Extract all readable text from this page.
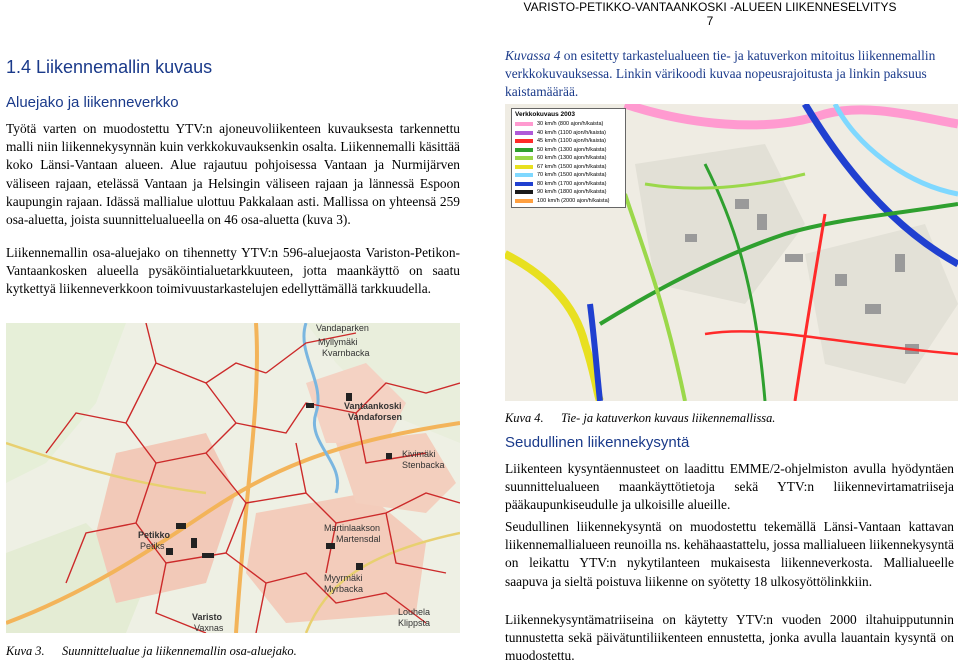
VARISTO-PETIKKO-VANTAANKOSKI -ALUEEN LIIKENNESELVITYS
7
1.4 Liikennemallin kuvaus
Aluejako ja liikenneverkko
Työtä varten on muodostettu YTV:n ajoneuvoliikenteen kuvauksesta tarkennettu malli niin liikennekysynnän kuin verkkokuvauksenkin osalta. Liikennemalli käsittää koko Länsi-Vantaan alueen. Alue rajautuu pohjoisessa Vantaan ja Nurmijärven väliseen rajaan, etelässä Vantaan ja Helsingin väliseen rajaan ja lännessä Espoon kaupungin rajaan. Idässä mallialue ulottuu Pakkalaan asti. Mallissa on yhteensä 259 osa-aluetta, joista suunnittelualueella on 46 osa-aluetta (kuva 3).
Liikennemallin osa-aluejako on tihennetty YTV:n 596-aluejaosta Variston-Petikon-Vantaankosken alueella pysäköintialuetarkkuuteen, jotta maankäyttö on saatu kytkettyä liikenneverkkoon toimivuustarkastelujen edellyttämällä tarkkuudella.
Vandaparken
Myllymäki
Kvarnbacka
Vantaankoski
Vandaforsen
Kivimäki
Stenbacka
Petikko
Petiks
Martinlaakson
Martensdal
Myyrmäki
Myrbacka
Louhela
Klippsta
Varisto
Vaxnas
Kuva 3. Suunnittelualue ja liikennemallin osa-aluejako.
Kuvassa 4 on esitetty tarkastelualueen tie- ja katuverkon mitoitus liikennemallin verkkokuvauksessa. Linkin värikoodi kuvaa nopeusrajoitusta ja linkin paksuus kaistamäärää.
Verkkokuvaus 2003
30 km/h (800 ajon/h/kaista)
40 km/h (1100 ajon/h/kaista)
45 km/h (1100 ajon/h/kaista)
50 km/h (1300 ajon/h/kaista)
60 km/h (1300 ajon/h/kaista)
67 km/h (1500 ajon/h/kaista)
70 km/h (1500 ajon/h/kaista)
80 km/h (1700 ajon/h/kaista)
90 km/h (1800 ajon/h/kaista)
100 km/h (2000 ajon/h/kaista)
Kuva 4. Tie- ja katuverkon kuvaus liikennemallissa.
Seudullinen liikennekysyntä
Liikenteen kysyntäennusteet on laadittu EMME/2-ohjelmiston avulla hyödyntäen suunnittelualueen maankäyttötietoja sekä YTV:n liikennevirtamatriiseja pääkaupunkiseudulle ja ulkoisille alueille.
Seudullinen liikennekysyntä on muodostettu tekemällä Länsi-Vantaan kattavan liikennemallialueen reunoilla ns. kehähaastattelu, jossa mallialueen liikennekysyntä on leikattu YTV:n nykytilanteen mukaisesta liikenneverkosta. Mallialueelle saapuva ja sieltä poistuva liikenne on syötetty 18 ulkosyöttölinkkiin.
Liikennekysyntämatriiseina on käytetty YTV:n vuoden 2000 iltahuipputunnin tunnustetta sekä päivätuntiliikenteen ennustetta, jonka avulla lauantain kysyntä on muodostettu.
